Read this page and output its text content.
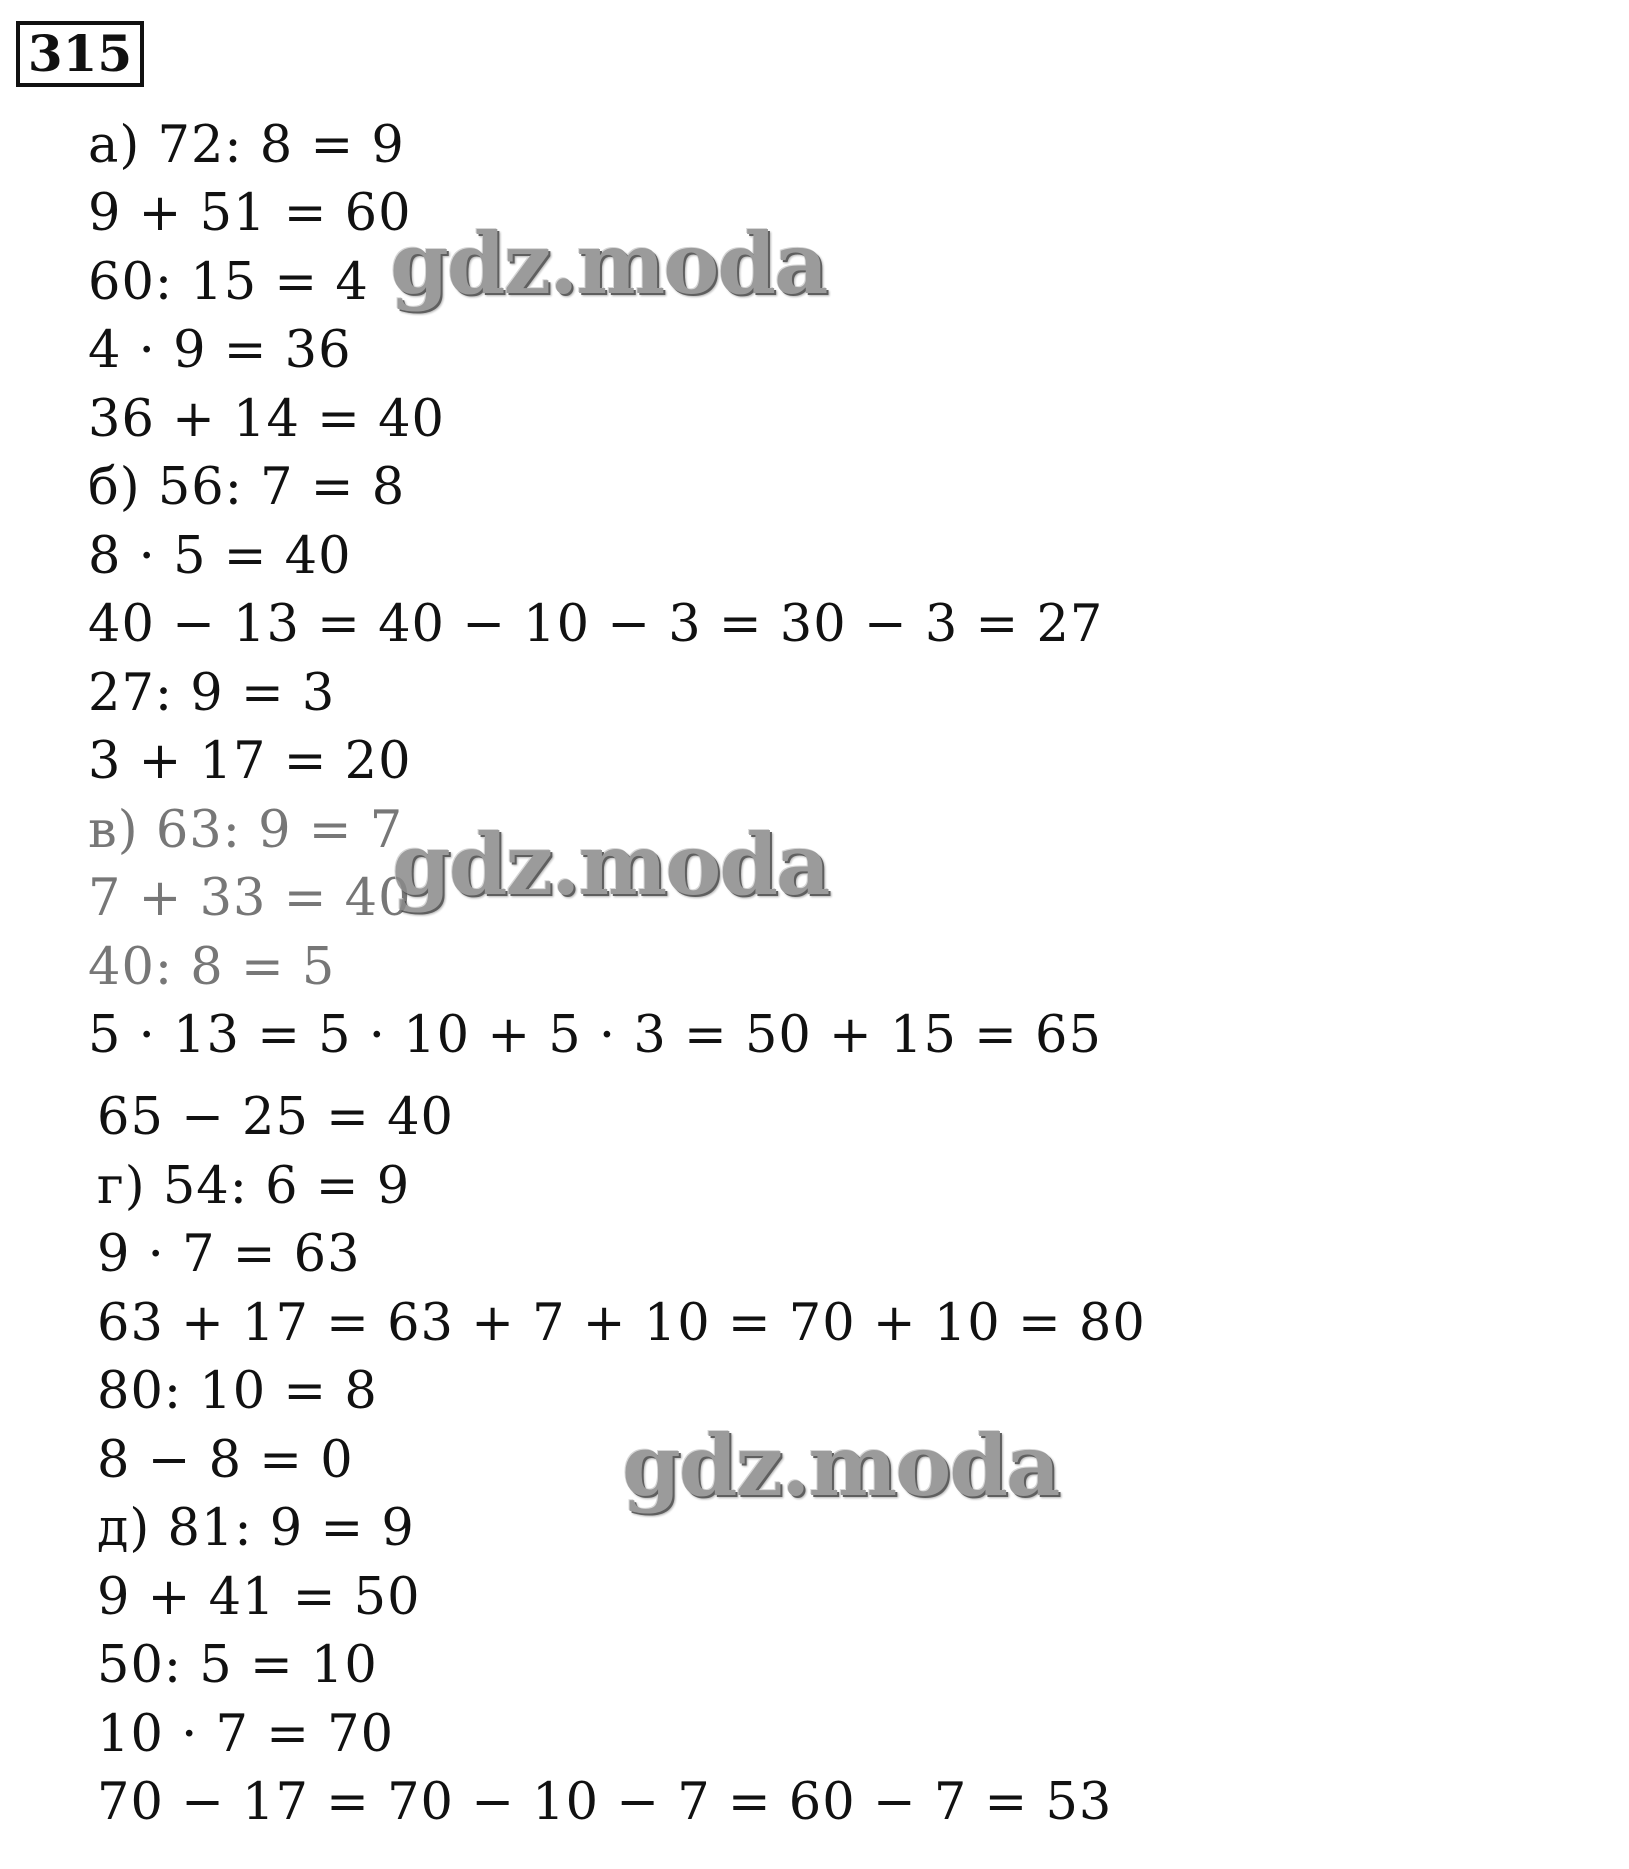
315
а) 72: 8 = 9
9 + 51 = 60
60: 15 = 4
4 · 9 = 36
36 + 14 = 40
б) 56: 7 = 8
8 · 5 = 40
40 − 13 = 40 − 10 − 3 = 30 − 3 = 27
27: 9 = 3
3 + 17 = 20
в) 63: 9 = 7
7 + 33 = 40
40: 8 = 5
5 · 13 = 5 · 10 + 5 · 3 = 50 + 15 = 65
65 − 25 = 40
г) 54: 6 = 9
9 · 7 = 63
63 + 17 = 63 + 7 + 10 = 70 + 10 = 80
80: 10 = 8
8 − 8 = 0
д) 81: 9 = 9
9 + 41 = 50
50: 5 = 10
10 · 7 = 70
70 − 17 = 70 − 10 − 7 = 60 − 7 = 53
gdz.moda
gdz.moda
gdz.moda
